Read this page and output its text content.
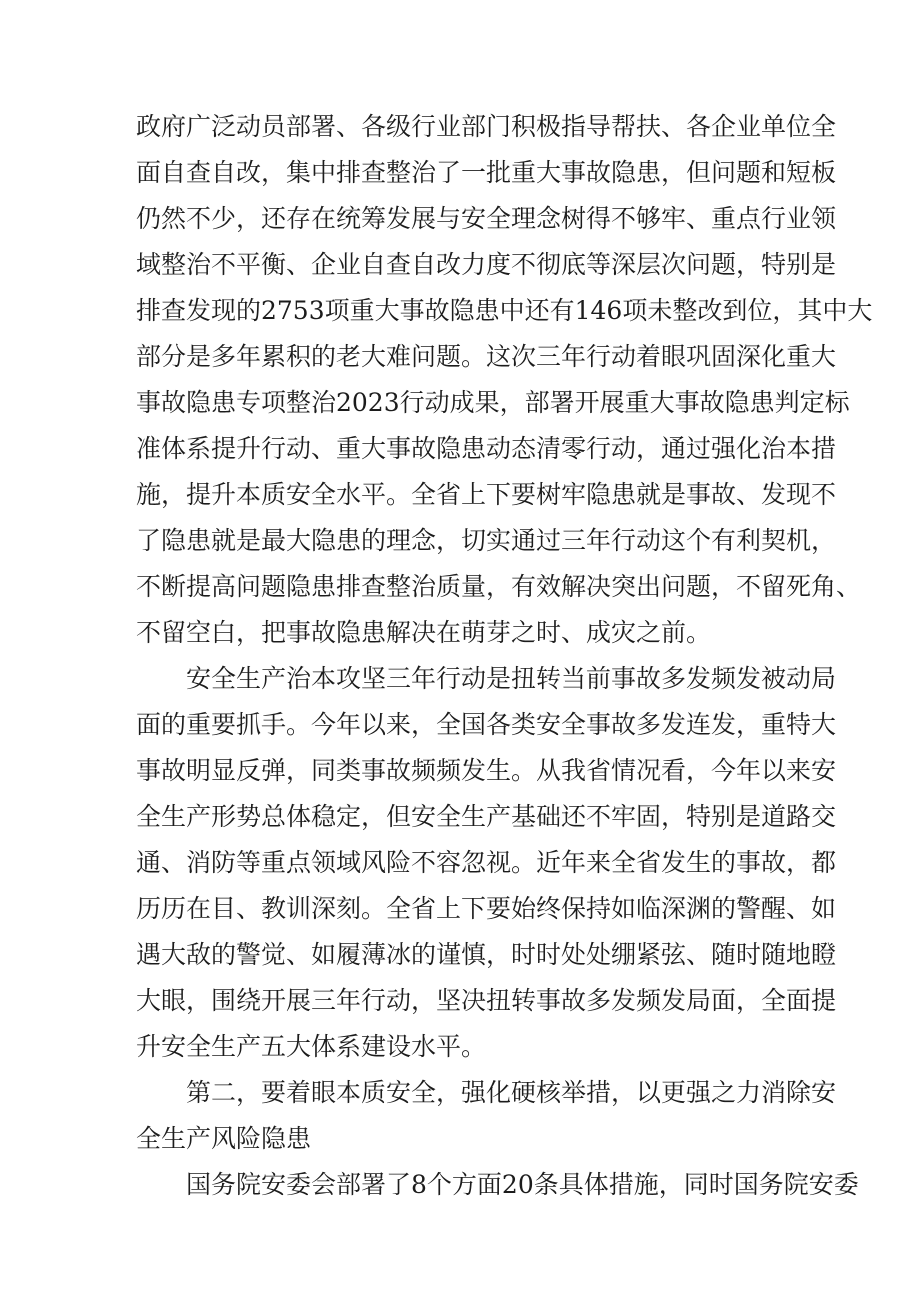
政府广泛动员部署、各级行业部门积极指导帮扶、各企业单位全
面自查自改，集中排查整治了一批重大事故隐患，但问题和短板
仍然不少，还存在统筹发展与安全理念树得不够牢、重点行业领
域整治不平衡、企业自查自改力度不彻底等深层次问题，特别是
排查发现的2753项重大事故隐患中还有146项未整改到位，其中大
部分是多年累积的老大难问题。这次三年行动着眼巩固深化重大
事故隐患专项整治2023行动成果，部署开展重大事故隐患判定标
准体系提升行动、重大事故隐患动态清零行动，通过强化治本措
施，提升本质安全水平。全省上下要树牢隐患就是事故、发现不
了隐患就是最大隐患的理念，切实通过三年行动这个有利契机，
不断提高问题隐患排查整治质量，有效解决突出问题，不留死角、
不留空白，把事故隐患解决在萌芽之时、成灾之前。
安全生产治本攻坚三年行动是扭转当前事故多发频发被动局
面的重要抓手。今年以来，全国各类安全事故多发连发，重特大
事故明显反弹，同类事故频频发生。从我省情况看，今年以来安
全生产形势总体稳定，但安全生产基础还不牢固，特别是道路交
通、消防等重点领域风险不容忽视。近年来全省发生的事故，都
历历在目、教训深刻。全省上下要始终保持如临深渊的警醒、如
遇大敌的警觉、如履薄冰的谨慎，时时处处绷紧弦、随时随地瞪
大眼，围绕开展三年行动，坚决扭转事故多发频发局面，全面提
升安全生产五大体系建设水平。
第二，要着眼本质安全，强化硬核举措，以更强之力消除安
全生产风险隐患
国务院安委会部署了8个方面20条具体措施，同时国务院安委
